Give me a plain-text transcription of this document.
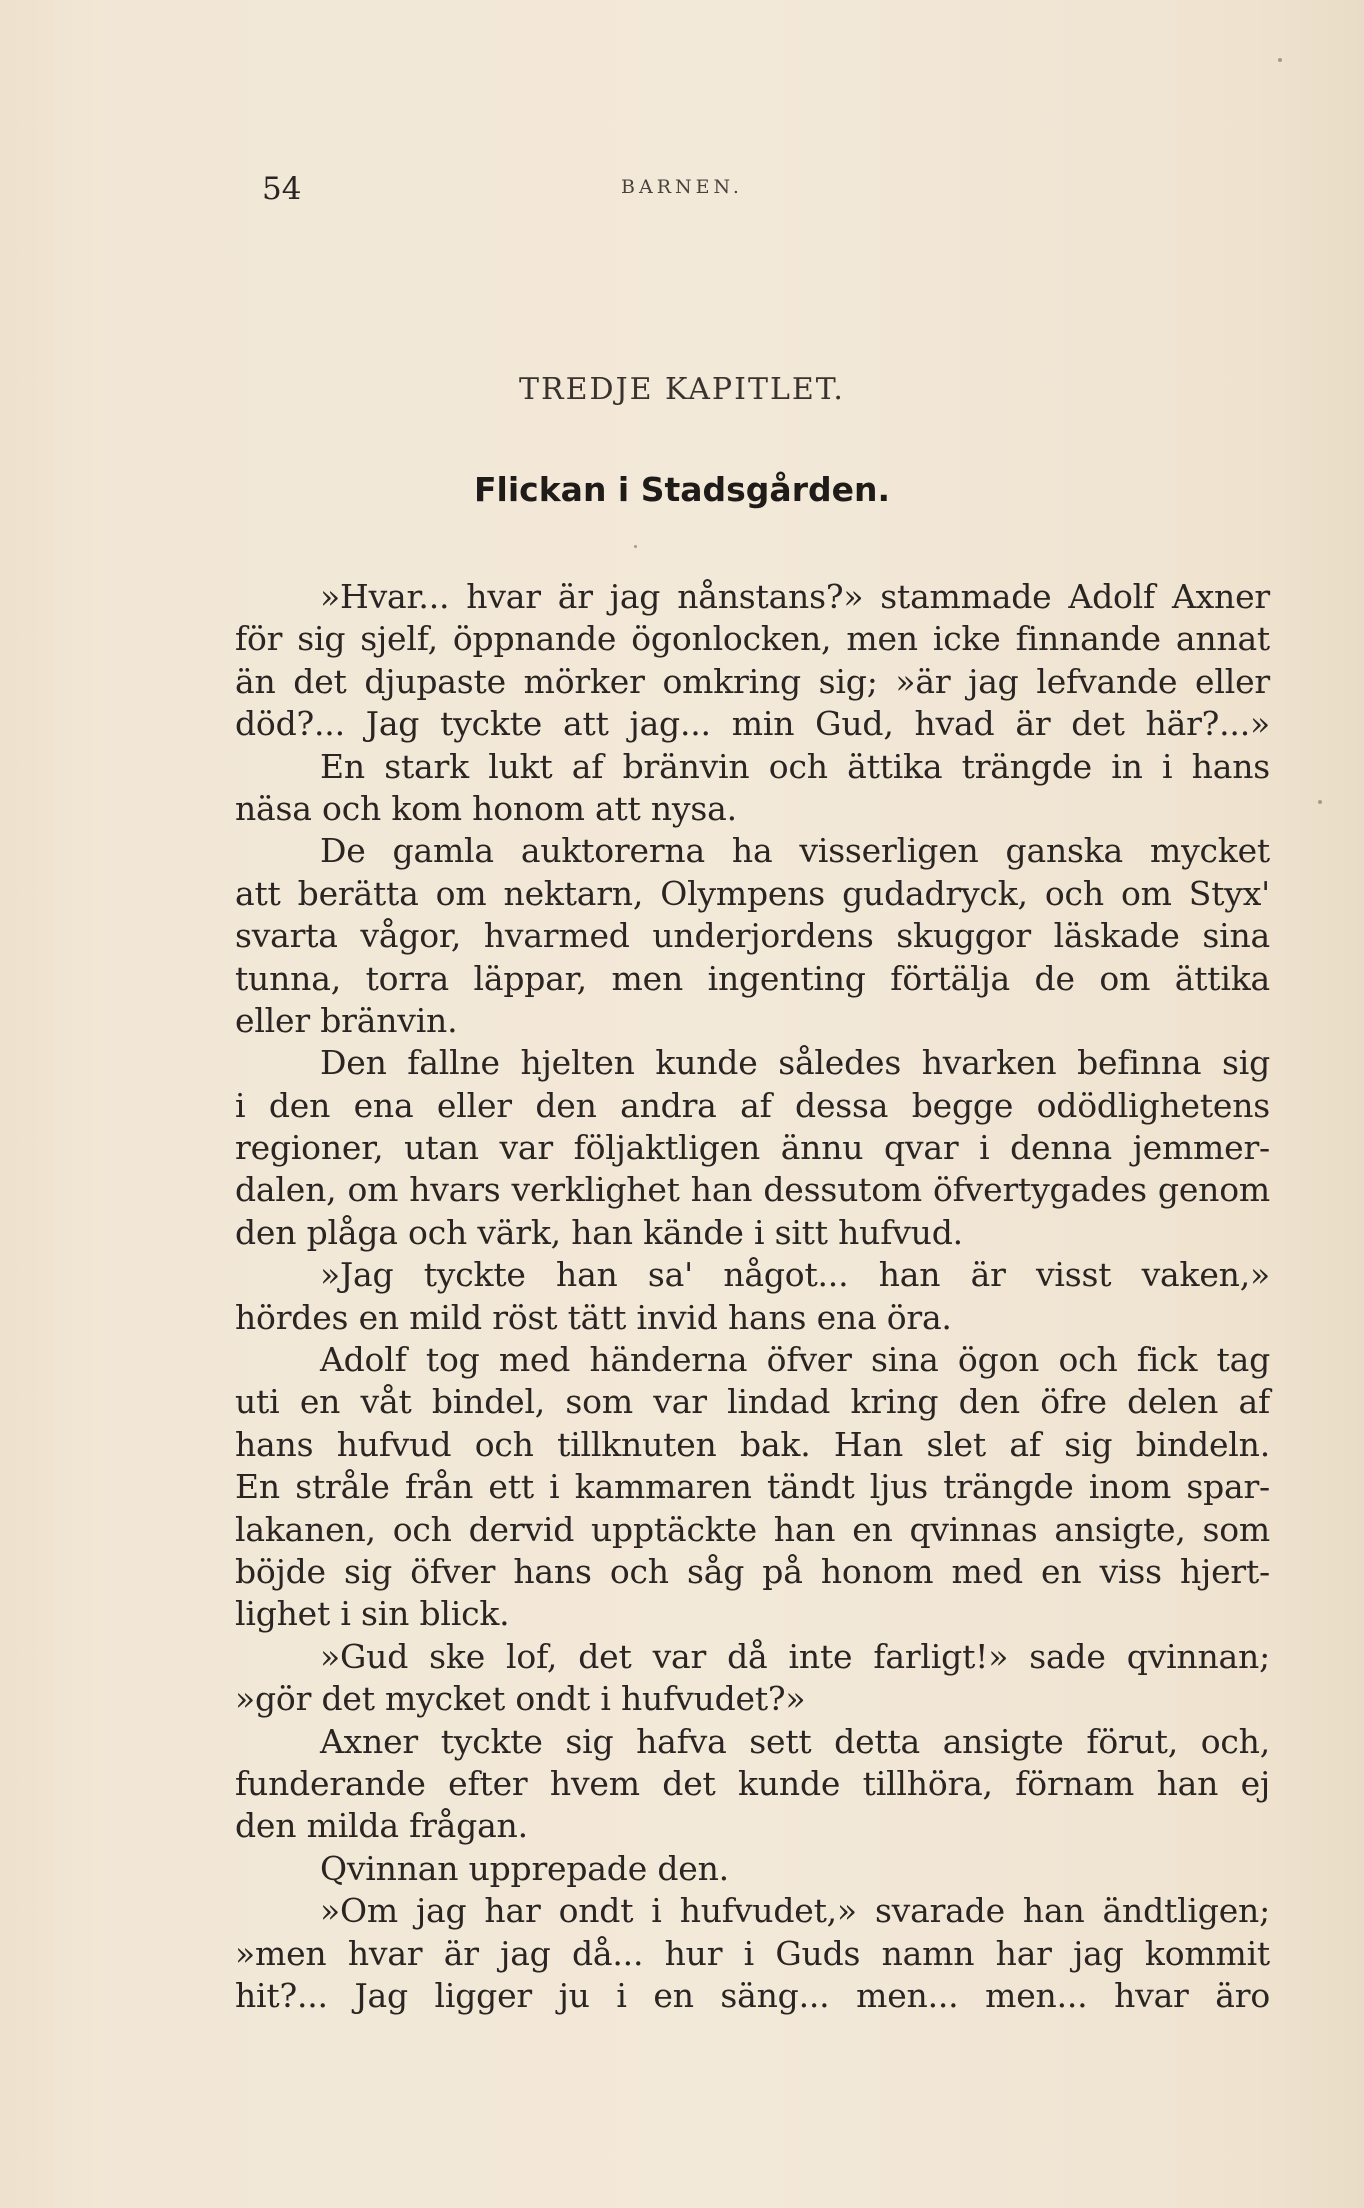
54	BARNEN.
TREDJE KAPITLET.
Flickan i Stadsgården.
»Hvar... hvar är jag nånstans?» stammade Adolf Axner
för sig sjelf, öppnande ögonlocken, men icke finnande annat
än det djupaste mörker omkring sig; »är jag lefvande eller
död?... Jag tyckte att jag... min Gud, hvad är det här?...»
En stark lukt af bränvin och ättika trängde in i hans
näsa och kom honom att nysa.
De gamla auktorerna ha visserligen ganska mycket
att berätta om nektarn, Olympens gudadryck, och om Styx'
svarta vågor, hvarmed underjordens skuggor läskade sina
tunna, torra läppar, men ingenting förtälja de om ättika
eller bränvin.
Den fallne hjelten kunde således hvarken befinna sig
i den ena eller den andra af dessa begge odödlighetens
regioner, utan var följaktligen ännu qvar i denna jemmer-
dalen, om hvars verklighet han dessutom öfvertygades genom
den plåga och värk, han kände i sitt hufvud.
»Jag tyckte han sa' något... han är visst vaken,»
hördes en mild röst tätt invid hans ena öra.
Adolf tog med händerna öfver sina ögon och fick tag
uti en våt bindel, som var lindad kring den öfre delen af
hans hufvud och tillknuten bak. Han slet af sig bindeln.
En stråle från ett i kammaren tändt ljus trängde inom spar-
lakanen, och dervid upptäckte han en qvinnas ansigte, som
böjde sig öfver hans och såg på honom med en viss hjert-
lighet i sin blick.
»Gud ske lof, det var då inte farligt!» sade qvinnan;
»gör det mycket ondt i hufvudet?»
Axner tyckte sig hafva sett detta ansigte förut, och,
funderande efter hvem det kunde tillhöra, förnam han ej
den milda frågan.
Qvinnan upprepade den.
»Om jag har ondt i hufvudet,» svarade han ändtligen;
»men hvar är jag då... hur i Guds namn har jag kommit
hit?... Jag ligger ju i en säng... men... men... hvar äro
